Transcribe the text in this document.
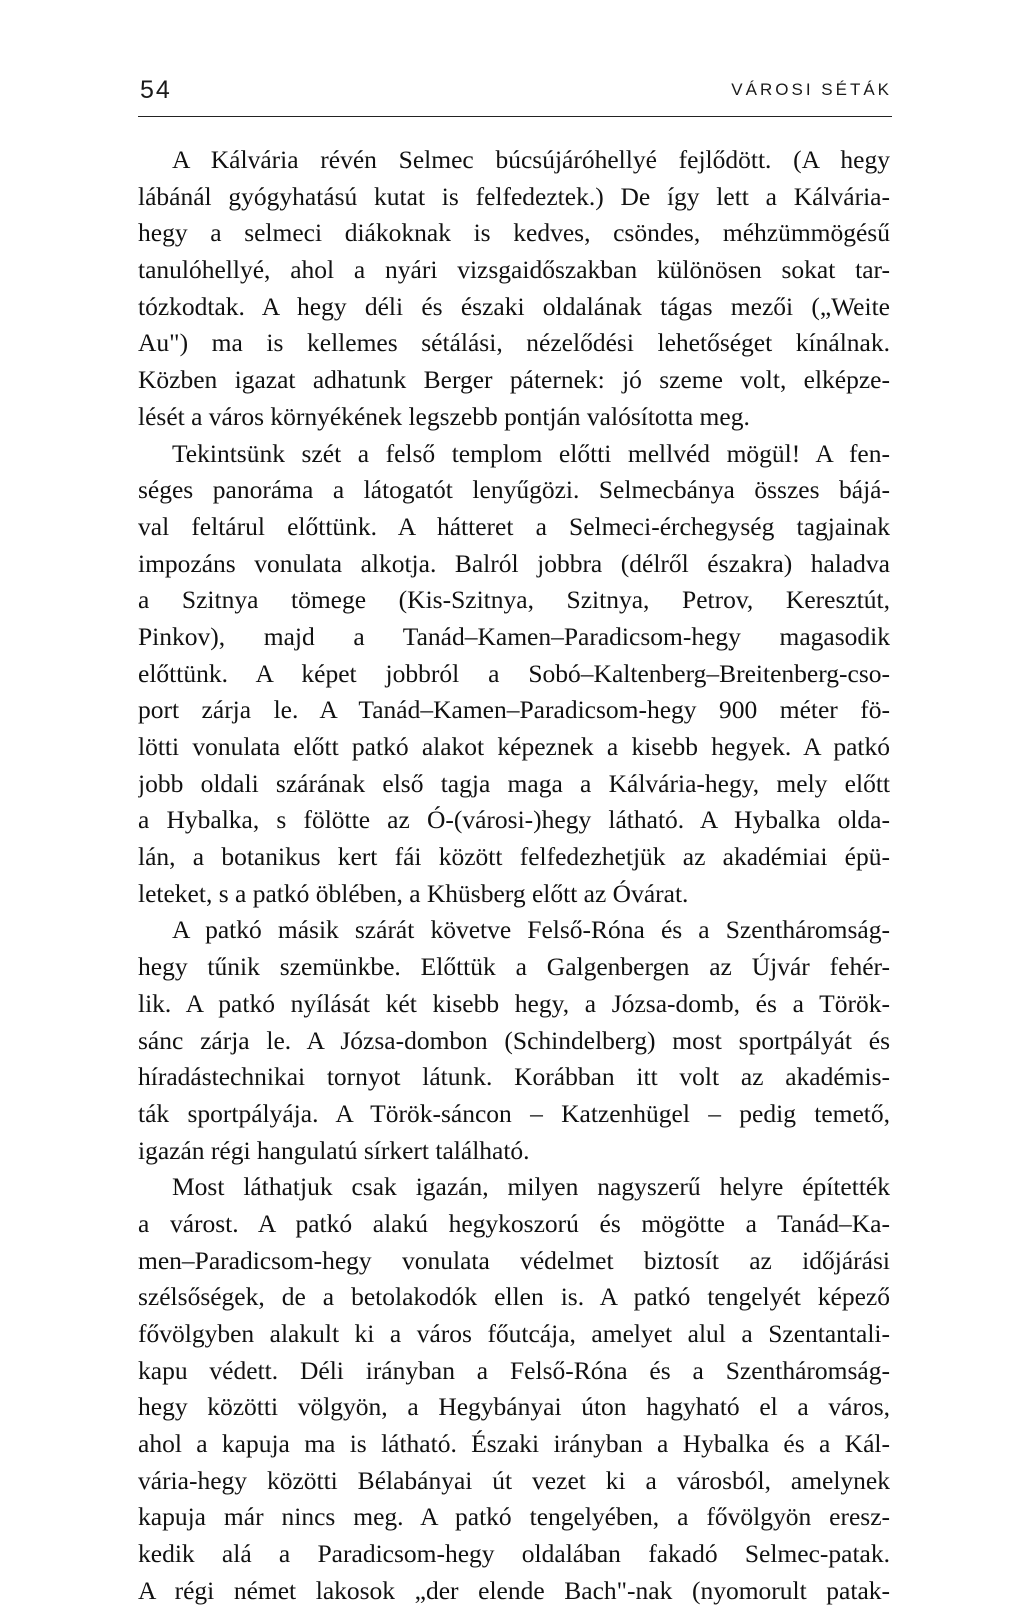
54	VÁROSI SÉTÁK
A Kálvária révén Selmec búcsújáróhellyé fejlődött. (A hegy
lábánál gyógyhatású kutat is felfedeztek.) De így lett a Kálvária-
hegy a selmeci diákoknak is kedves, csöndes, méhzümmögésű
tanulóhellyé, ahol a nyári vizsgaidőszakban különösen sokat tar-
tózkodtak. A hegy déli és északi oldalának tágas mezői („Weite
Au") ma is kellemes sétálási, nézelődési lehetőséget kínálnak.
Közben igazat adhatunk Berger páternek: jó szeme volt, elképze-
lését a város környékének legszebb pontján valósította meg.
Tekintsünk szét a felső templom előtti mellvéd mögül! A fen-
séges panoráma a látogatót lenyűgözi. Selmecbánya összes bájá-
val feltárul előttünk. A hátteret a Selmeci-érchegység tagjainak
impozáns vonulata alkotja. Balról jobbra (délről északra) haladva
a Szitnya tömege (Kis-Szitnya, Szitnya, Petrov, Keresztút,
Pinkov), majd a Tanád–Kamen–Paradicsom-hegy magasodik
előttünk. A képet jobbról a Sobó–Kaltenberg–Breitenberg-cso-
port zárja le. A Tanád–Kamen–Paradicsom-hegy 900 méter fö-
lötti vonulata előtt patkó alakot képeznek a kisebb hegyek. A patkó
jobb oldali szárának első tagja maga a Kálvária-hegy, mely előtt
a Hybalka, s fölötte az Ó-(városi-)hegy látható. A Hybalka olda-
lán, a botanikus kert fái között felfedezhetjük az akadémiai épü-
leteket, s a patkó öblében, a Khüsberg előtt az Óvárat.
A patkó másik szárát követve Felső-Róna és a Szentháromság-
hegy tűnik szemünkbe. Előttük a Galgenbergen az Újvár fehér-
lik. A patkó nyílását két kisebb hegy, a Józsa-domb, és a Török-
sánc zárja le. A Józsa-dombon (Schindelberg) most sportpályát és
híradástechnikai tornyot látunk. Korábban itt volt az akadémis-
ták sportpályája. A Török-sáncon – Katzenhügel – pedig temető,
igazán régi hangulatú sírkert található.
Most láthatjuk csak igazán, milyen nagyszerű helyre építették
a várost. A patkó alakú hegykoszorú és mögötte a Tanád–Ka-
men–Paradicsom-hegy vonulata védelmet biztosít az időjárási
szélsőségek, de a betolakodók ellen is. A patkó tengelyét képező
fővölgyben alakult ki a város főutcája, amelyet alul a Szentantali-
kapu védett. Déli irányban a Felső-Róna és a Szentháromság-
hegy közötti völgyön, a Hegybányai úton hagyható el a város,
ahol a kapuja ma is látható. Északi irányban a Hybalka és a Kál-
vária-hegy közötti Bélabányai út vezet ki a városból, amelynek
kapuja már nincs meg. A patkó tengelyében, a fővölgyön eresz-
kedik alá a Paradicsom-hegy oldalában fakadó Selmec-patak.
A régi német lakosok „der elende Bach"-nak (nyomorult patak-
